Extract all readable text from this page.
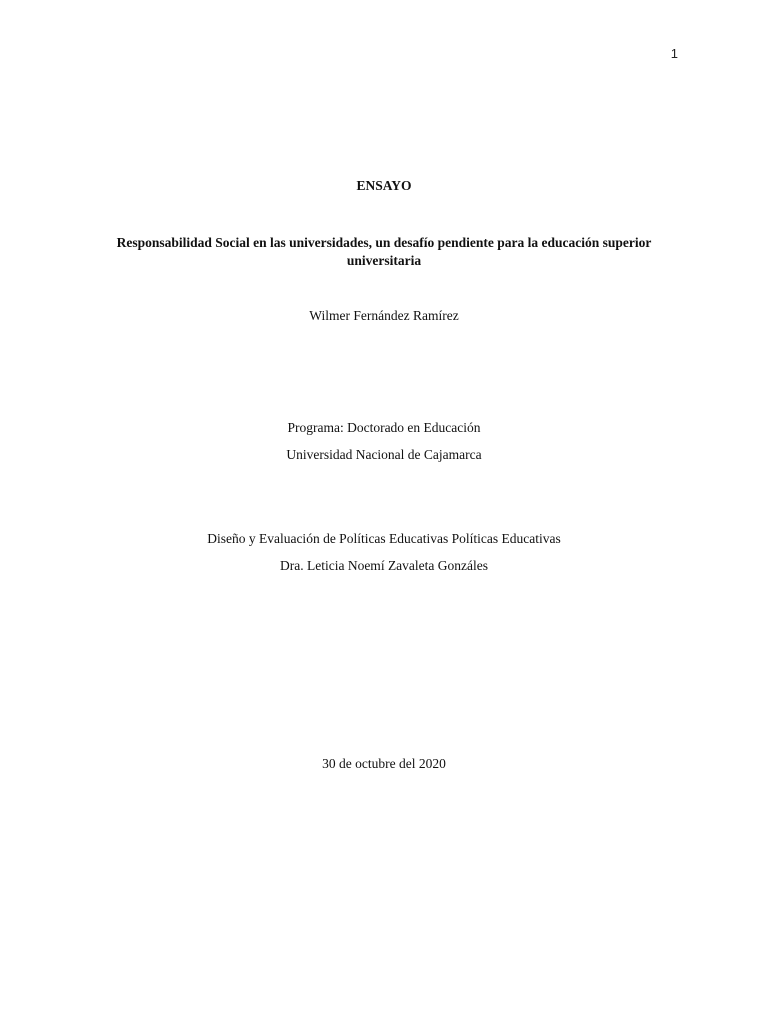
1
ENSAYO
Responsabilidad Social en las universidades, un desafío pendiente para la educación superior
universitaria
Wilmer Fernández Ramírez
Programa: Doctorado en Educación
Universidad Nacional de Cajamarca
Diseño y Evaluación de Políticas Educativas Políticas Educativas
Dra. Leticia Noemí Zavaleta Gonzáles
30 de octubre del 2020
